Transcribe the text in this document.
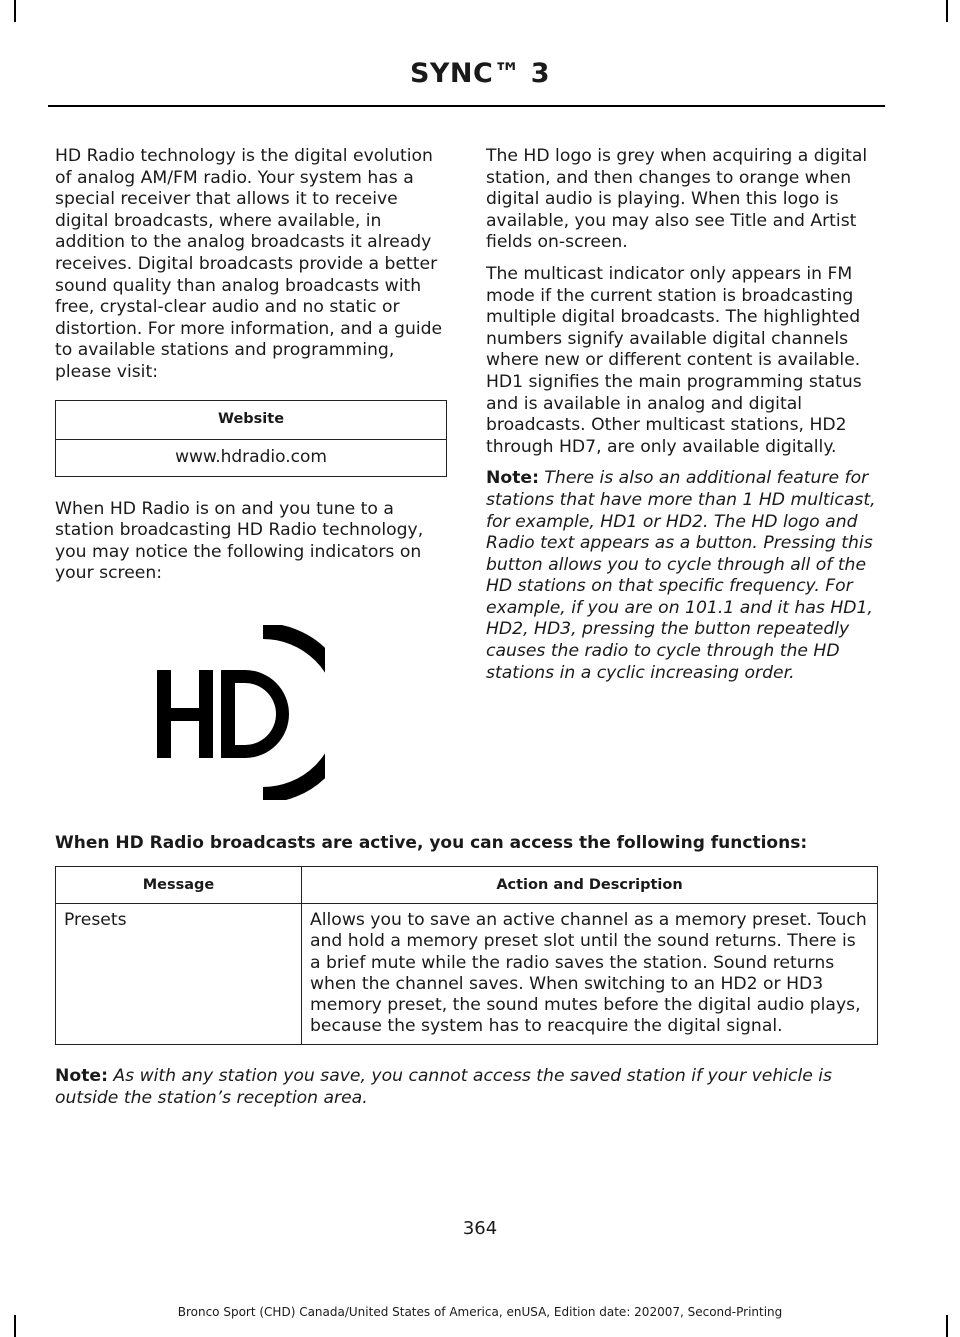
SYNC™ 3

HD Radio technology is the digital evolution of analog AM/FM radio. Your system has a special receiver that allows it to receive digital broadcasts, where available, in addition to the analog broadcasts it already receives. Digital broadcasts provide a better sound quality than analog broadcasts with free, crystal-clear audio and no static or distortion. For more information, and a guide to available stations and programming, please visit:

Website
www.hdradio.com

When HD Radio is on and you tune to a station broadcasting HD Radio technology, you may notice the following indicators on your screen:

The HD logo is grey when acquiring a digital station, and then changes to orange when digital audio is playing. When this logo is available, you may also see Title and Artist fields on-screen.

The multicast indicator only appears in FM mode if the current station is broadcasting multiple digital broadcasts. The highlighted numbers signify available digital channels where new or different content is available. HD1 signifies the main programming status and is available in analog and digital broadcasts. Other multicast stations, HD2 through HD7, are only available digitally.

Note: There is also an additional feature for stations that have more than 1 HD multicast, for example, HD1 or HD2. The HD logo and Radio text appears as a button. Pressing this button allows you to cycle through all of the HD stations on that specific frequency. For example, if you are on 101.1 and it has HD1, HD2, HD3, pressing the button repeatedly causes the radio to cycle through the HD stations in a cyclic increasing order.

When HD Radio broadcasts are active, you can access the following functions:
Message	Action and Description
Presets	Allows you to save an active channel as a memory preset. Touch and hold a memory preset slot until the sound returns. There is a brief mute while the radio saves the station. Sound returns when the channel saves. When switching to an HD2 or HD3 memory preset, the sound mutes before the digital audio plays, because the system has to reacquire the digital signal.
Note: As with any station you save, you cannot access the saved station if your vehicle is outside the station’s reception area.
364
Bronco Sport (CHD) Canada/United States of America, enUSA, Edition date: 202007, Second-Printing
